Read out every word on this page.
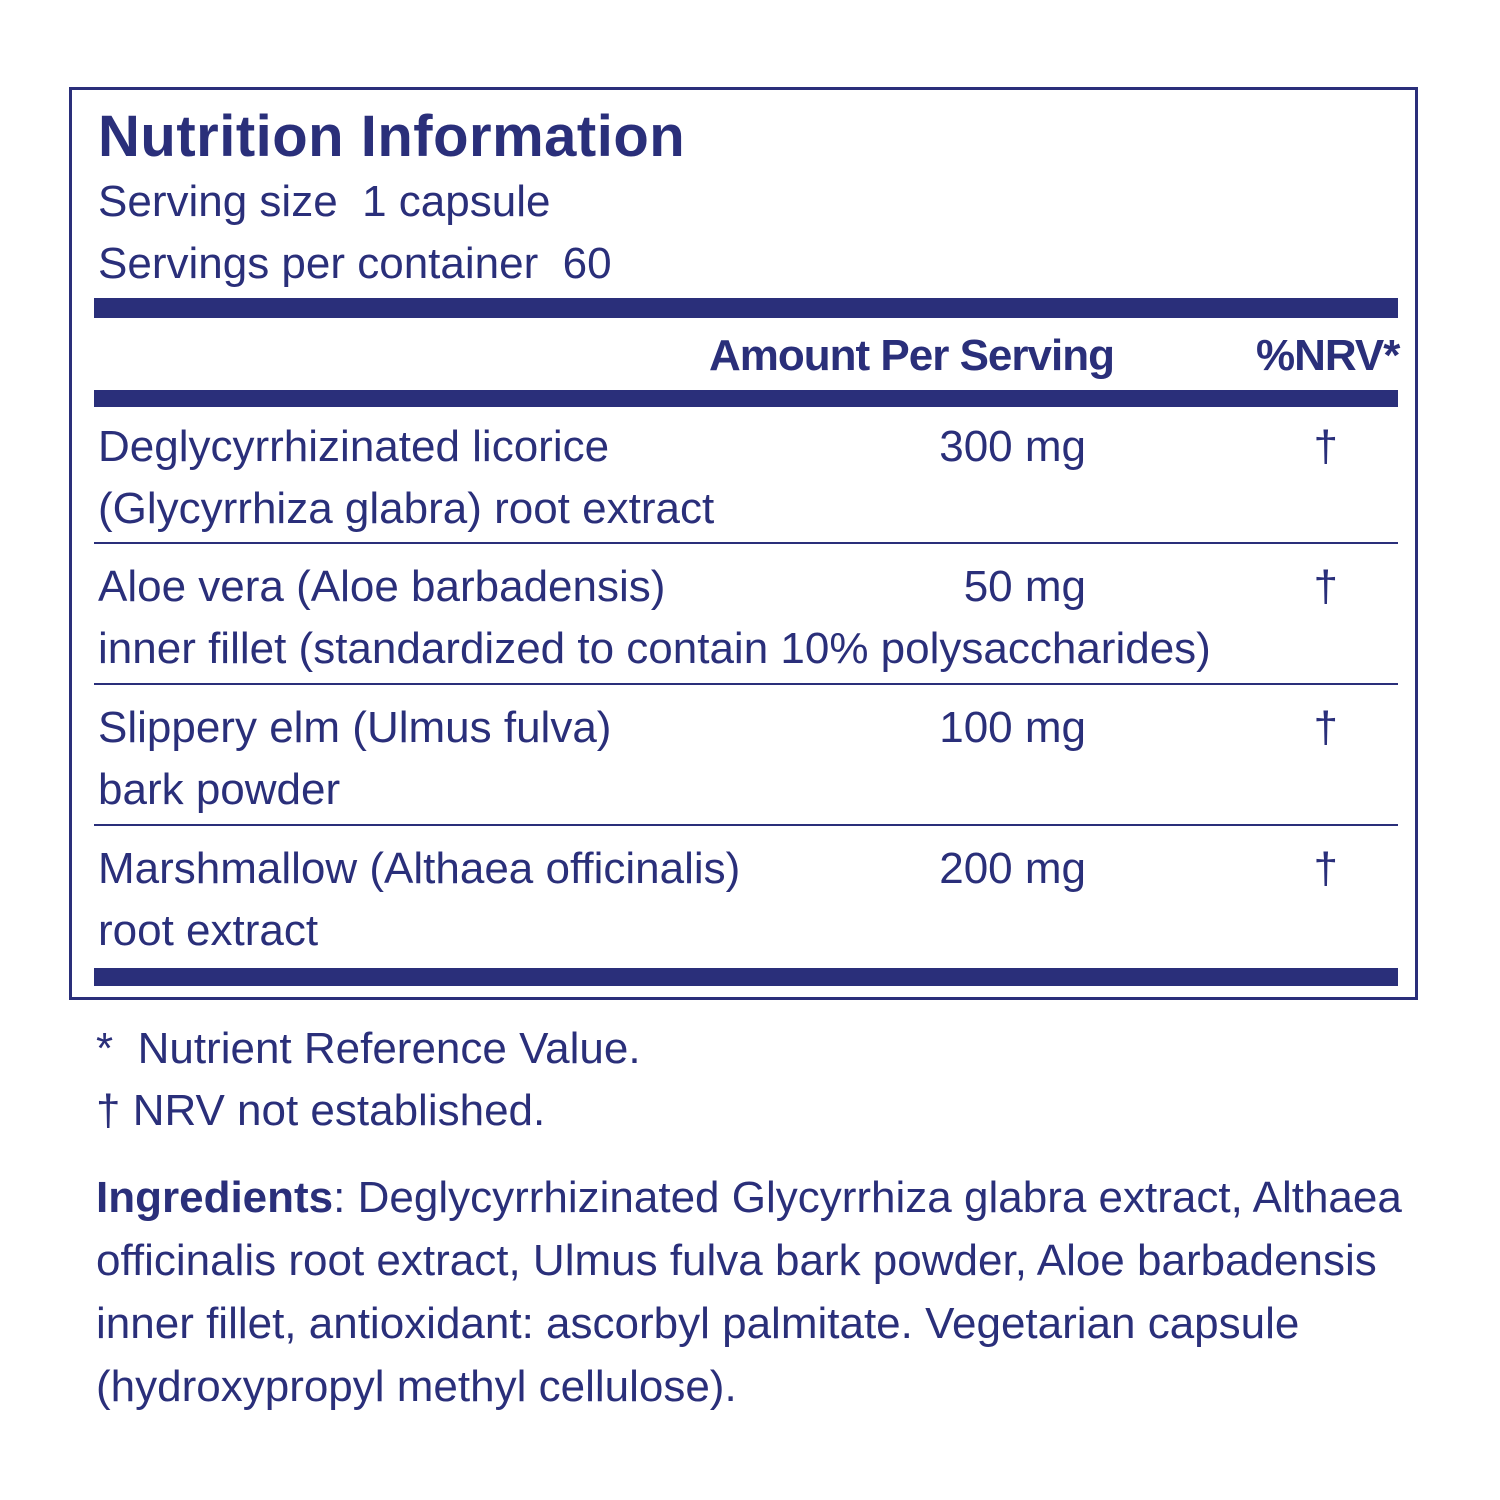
Nutrition Information
Serving size  1 capsule
Servings per container  60
Amount Per Serving	%NRV*
Deglycyrrhizinated licorice
(Glycyrrhiza glabra) root extract
300 mg	†
Aloe vera (Aloe barbadensis)
inner fillet (standardized to contain 10% polysaccharides)
50 mg	†
Slippery elm (Ulmus fulva)
bark powder
100 mg	†
Marshmallow (Althaea officinalis)
root extract
200 mg	†
*  Nutrient Reference Value.
† NRV not established.
Ingredients: Deglycyrrhizinated Glycyrrhiza glabra extract, Althaea officinalis root extract, Ulmus fulva bark powder, Aloe barbadensis inner fillet, antioxidant: ascorbyl palmitate. Vegetarian capsule (hydroxypropyl methyl cellulose).
